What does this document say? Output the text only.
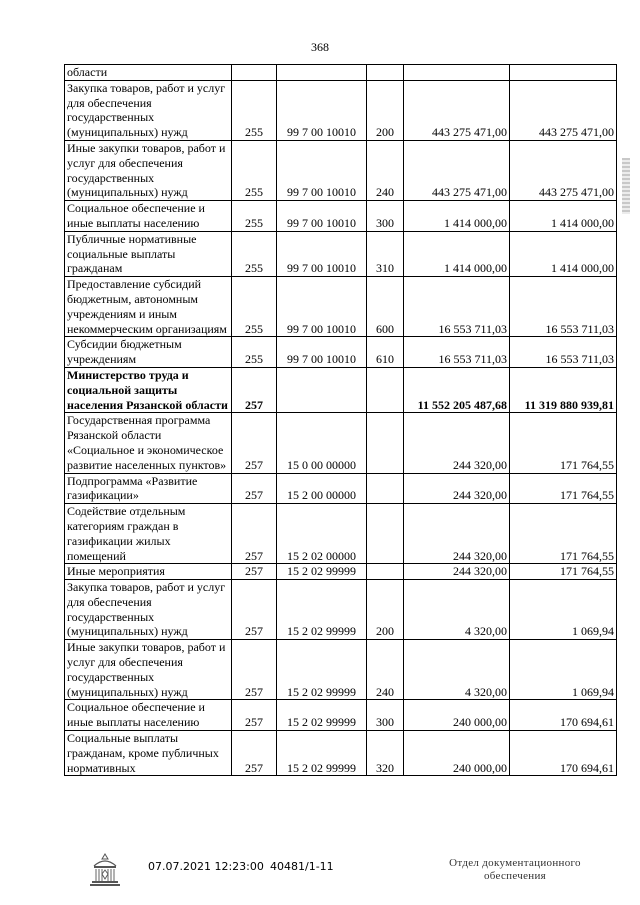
368
области					
Закупка товаров, работ и услуг для обеспечения государственных (муниципальных) нужд	255	99 7 00 10010	200	443 275 471,00	443 275 471,00
Иные закупки товаров, работ и услуг для обеспечения государственных (муниципальных) нужд	255	99 7 00 10010	240	443 275 471,00	443 275 471,00
Социальное обеспечение и иные выплаты населению	255	99 7 00 10010	300	1 414 000,00	1 414 000,00
Публичные нормативные социальные выплаты гражданам	255	99 7 00 10010	310	1 414 000,00	1 414 000,00
Предоставление субсидий бюджетным, автономным учреждениям и иным некоммерческим организациям	255	99 7 00 10010	600	16 553 711,03	16 553 711,03
Субсидии бюджетным учреждениям	255	99 7 00 10010	610	16 553 711,03	16 553 711,03
Министерство труда и социальной защиты населения Рязанской области	257			11 552 205 487,68	11 319 880 939,81
Государственная программа Рязанской области «Социальное и экономическое развитие населенных пунктов»	257	15 0 00 00000		244 320,00	171 764,55
Подпрограмма «Развитие газификации»	257	15 2 00 00000		244 320,00	171 764,55
Содействие отдельным категориям граждан в газификации жилых помещений	257	15 2 02 00000		244 320,00	171 764,55
Иные мероприятия	257	15 2 02 99999		244 320,00	171 764,55
Закупка товаров, работ и услуг для обеспечения государственных (муниципальных) нужд	257	15 2 02 99999	200	4 320,00	1 069,94
Иные закупки товаров, работ и услуг для обеспечения государственных (муниципальных) нужд	257	15 2 02 99999	240	4 320,00	1 069,94
Социальное обеспечение и иные выплаты населению	257	15 2 02 99999	300	240 000,00	170 694,61
Социальные выплаты гражданам, кроме публичных нормативных	257	15 2 02 99999	320	240 000,00	170 694,61
07.07.2021 12:23:00 40481/1-11	Отдел документационного обеспечения
